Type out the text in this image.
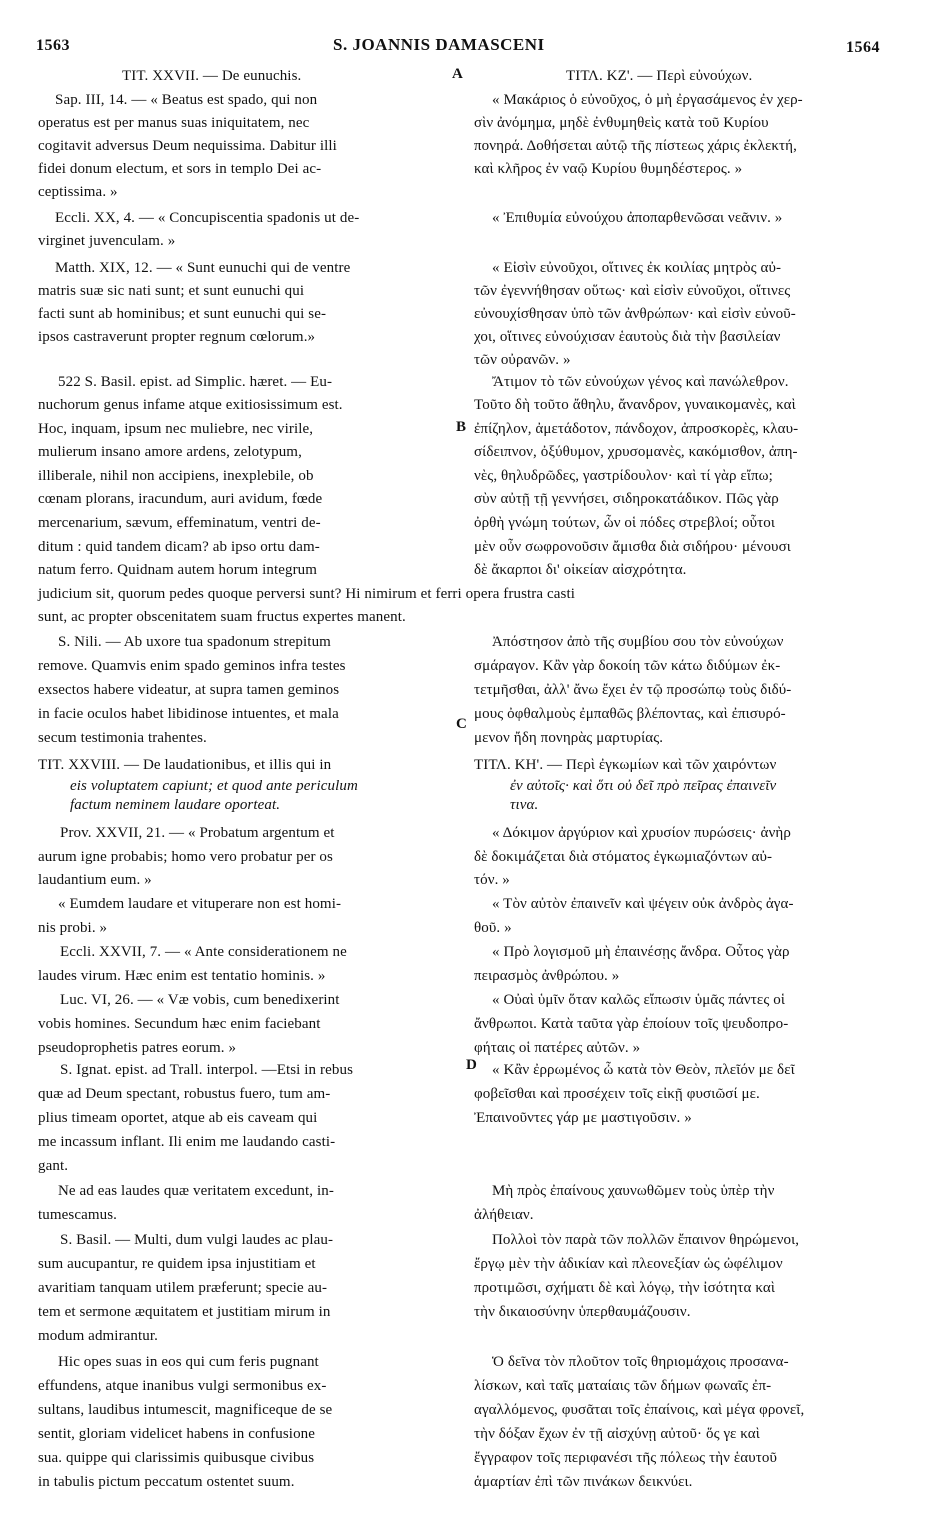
1563	S. JOANNIS DAMASCENI	1564
A
B
C
D
TIT. XXVII. — De eunuchis.
Sap. III, 14. — « Beatus est spado, qui non
operatus est per manus suas iniquitatem, nec
cogitavit adversus Deum nequissima. Dabitur illi
fidei donum electum, et sors in templo Dei ac-
ceptissima. »
Eccli. XX, 4. — « Concupiscentia spadonis ut de-
virginet juvenculam. »
Matth. XIX, 12. — « Sunt eunuchi qui de ventre
matris suæ sic nati sunt; et sunt eunuchi qui
facti sunt ab hominibus; et sunt eunuchi qui se-
ipsos castraverunt propter regnum cœlorum.»
522 S. Basil. epist. ad Simplic. hæret. — Eu-
nuchorum genus infame atque exitiosissimum est.
Hoc, inquam, ipsum nec muliebre, nec virile,
mulierum insano amore ardens, zelotypum,
illiberale, nihil non accipiens, inexplebile, ob
cœnam plorans, iracundum, auri avidum, fœde
mercenarium, sævum, effeminatum, ventri de-
ditum : quid tandem dicam? ab ipso ortu dam-
natum ferro. Quidnam autem horum integrum
judicium sit, quorum pedes quoque perversi sunt? Hi nimirum et ferri opera frustra casti
sunt, ac propter obscenitatem suam fructus expertes manent.
S. Nili. — Ab uxore tua spadonum strepitum
remove. Quamvis enim spado geminos infra testes
exsectos habere videatur, at supra tamen geminos
in facie oculos habet libidinose intuentes, et mala
secum testimonia trahentes.
TIT. XXVIII. — De laudationibus, et illis qui in
eis voluptatem capiunt; et quod ante periculum
factum neminem laudare oporteat.
Prov. XXVII, 21. — « Probatum argentum et
aurum igne probabis; homo vero probatur per os
laudantium eum. »
« Eumdem laudare et vituperare non est homi-
nis probi. »
Eccli. XXVII, 7. — « Ante considerationem ne
laudes virum. Hæc enim est tentatio hominis. »
Luc. VI, 26. — « Væ vobis, cum benedixerint
vobis homines. Secundum hæc enim faciebant
pseudoprophetis patres eorum. »
S. Ignat. epist. ad Trall. interpol. —Etsi in rebus
quæ ad Deum spectant, robustus fuero, tum am-
plius timeam oportet, atque ab eis caveam qui
me incassum inflant. Ili enim me laudando casti-
gant.
Ne ad eas laudes quæ veritatem excedunt, in-
tumescamus.
S. Basil. — Multi, dum vulgi laudes ac plau-
sum aucupantur, re quidem ipsa injustitiam et
avaritiam tanquam utilem præferunt; specie au-
tem et sermone æquitatem et justitiam mirum in
modum admirantur.
Hic opes suas in eos qui cum feris pugnant
effundens, atque inanibus vulgi sermonibus ex-
sultans, laudibus intumescit, magnificeque de se
sentit, gloriam videlicet habens in confusione
sua. quippe qui clarissimis quibusque civibus
in tabulis pictum peccatum ostentet suum.
ΤΙΤΛ. ΚΖ'. — Περὶ εὐνούχων.
« Μακάριος ὁ εὐνοῦχος, ὁ μὴ ἐργασάμενος ἐν χερ-
σὶν ἀνόμημα, μηδὲ ἐνθυμηθεὶς κατὰ τοῦ Κυρίου
πονηρά. Δοθήσεται αὐτῷ τῆς πίστεως χάρις ἐκλεκτή,
καὶ κλῆρος ἐν ναῷ Κυρίου θυμηδέστερος. »
« Ἐπιθυμία εὐνούχου ἀποπαρθενῶσαι νεᾶνιν. »
« Εἰσὶν εὐνοῦχοι, οἵτινες ἐκ κοιλίας μητρὸς αὐ-
τῶν ἐγεννήθησαν οὕτως· καὶ εἰσὶν εὐνοῦχοι, οἵτινες
εὐνουχίσθησαν ὑπὸ τῶν ἀνθρώπων· καὶ εἰσὶν εὐνοῦ-
χοι, οἵτινες εὐνούχισαν ἑαυτοὺς διὰ τὴν βασιλείαν
τῶν οὐρανῶν. »
Ἄτιμον τὸ τῶν εὐνούχων γένος καὶ πανώλεθρον.
Τοῦτο δὴ τοῦτο ἄθηλυ, ἄνανδρον, γυναικομανὲς, καὶ
ἐπίζηλον, ἀμετάδοτον, πάνδοχον, ἀπροσκορὲς, κλαυ-
σίδειπνον, ὀξύθυμον, χρυσομανὲς, κακόμισθον, ἀπη-
νὲς, θηλυδρῶδες, γαστρίδουλον· καὶ τί γὰρ εἴπω;
σὺν αὐτῇ τῇ γεννήσει, σιδηροκατάδικον. Πῶς γὰρ
ὀρθὴ γνώμη τούτων, ὧν οἱ πόδες στρεβλοί; οὗτοι
μὲν οὖν σωφρονοῦσιν ἄμισθα διὰ σιδήρου· μένουσι
δὲ ἄκαρποι δι' οἰκείαν αἰσχρότητα.
Ἀπόστησον ἀπὸ τῆς συμβίου σου τὸν εὐνούχων
σμάραγον. Κἂν γὰρ δοκοίη τῶν κάτω διδύμων ἐκ-
τετμῆσθαι, ἀλλ' ἄνω ἔχει ἐν τῷ προσώπῳ τοὺς διδύ-
μους ὀφθαλμοὺς ἐμπαθῶς βλέποντας, καὶ ἐπισυρό-
μενον ἤδη πονηρὰς μαρτυρίας.
ΤΙΤΛ. ΚΗ'. — Περὶ ἐγκωμίων καὶ τῶν χαιρόντων
ἐν αὐτοῖς· καὶ ὅτι οὐ δεῖ πρὸ πεῖρας ἐπαινεῖν
τινα.
« Δόκιμον ἀργύριον καὶ χρυσίον πυρώσεις· ἀνὴρ
δὲ δοκιμάζεται διὰ στόματος ἐγκωμιαζόντων αὐ-
τόν. »
« Τὸν αὐτὸν ἐπαινεῖν καὶ ψέγειν οὐκ ἀνδρὸς ἀγα-
θοῦ. »
« Πρὸ λογισμοῦ μὴ ἐπαινέσῃς ἄνδρα. Οὗτος γὰρ
πειρασμὸς ἀνθρώπου. »
« Οὐαὶ ὑμῖν ὅταν καλῶς εἴπωσιν ὑμᾶς πάντες οἱ
ἄνθρωποι. Κατὰ ταῦτα γὰρ ἐποίουν τοῖς ψευδοπρο-
φήταις οἱ πατέρες αὐτῶν. »
« Κἂν ἐρρωμένος ὦ κατὰ τὸν Θεὸν, πλεῖόν με δεῖ
φοβεῖσθαι καὶ προσέχειν τοῖς εἰκῇ φυσιῶσί με.
Ἐπαινοῦντες γάρ με μαστιγοῦσιν. »
Μὴ πρὸς ἐπαίνους χαυνωθῶμεν τοὺς ὑπὲρ τὴν
ἀλήθειαν.
Πολλοὶ τὸν παρὰ τῶν πολλῶν ἔπαινον θηρώμενοι,
ἔργῳ μὲν τὴν ἀδικίαν καὶ πλεονεξίαν ὡς ὠφέλιμον
προτιμῶσι, σχήματι δὲ καὶ λόγῳ, τὴν ἰσότητα καὶ
τὴν δικαιοσύνην ὑπερθαυμάζουσιν.
Ὁ δεῖνα τὸν πλοῦτον τοῖς θηριομάχοις προσανα-
λίσκων, καὶ ταῖς ματαίαις τῶν δήμων φωναῖς ἐπ-
αγαλλόμενος, φυσᾶται τοῖς ἐπαίνοις, καὶ μέγα φρονεῖ,
τὴν δόξαν ἔχων ἐν τῇ αἰσχύνῃ αὐτοῦ· ὅς γε καὶ
ἔγγραφον τοῖς περιφανέσι τῆς πόλεως τὴν ἑαυτοῦ
ἁμαρτίαν ἐπὶ τῶν πινάκων δεικνύει.
